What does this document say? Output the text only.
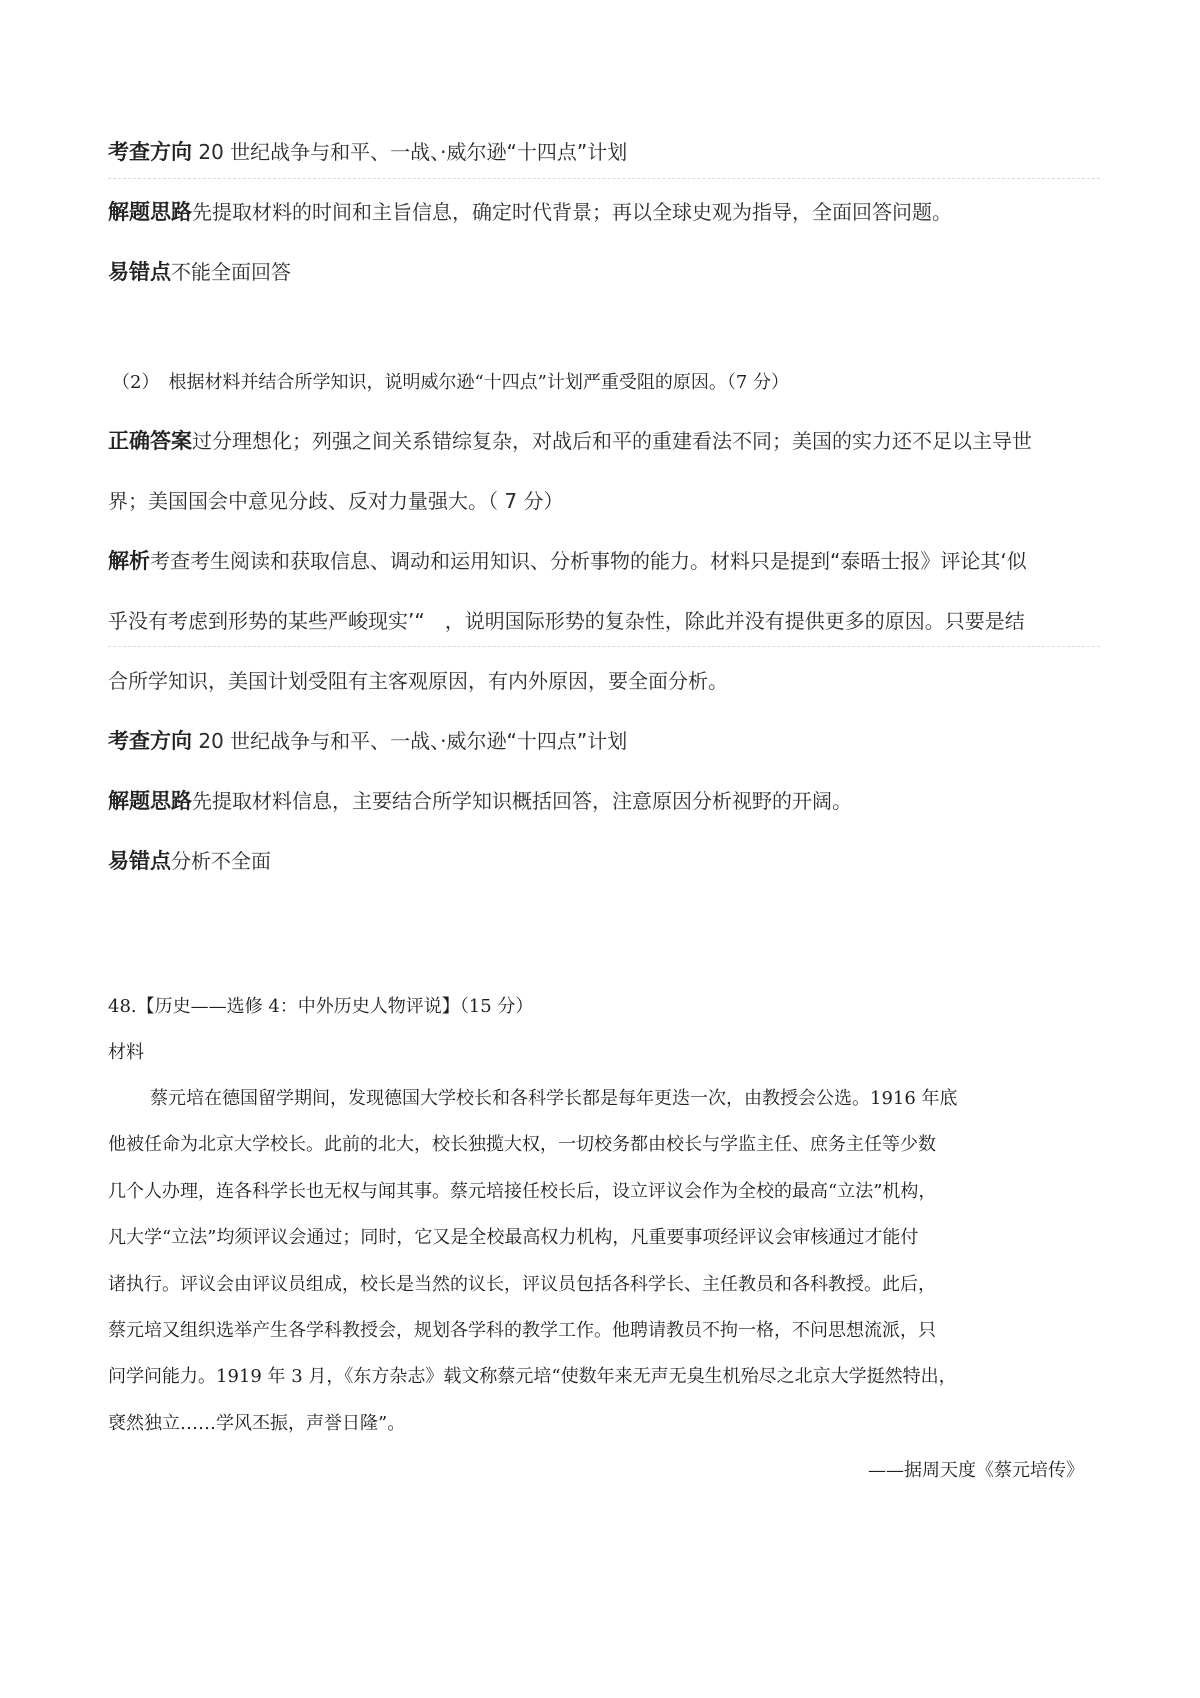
考查方向 20 世纪战争与和平、一战、·威尔逊“十四点”计划
解题思路先提取材料的时间和主旨信息，确定时代背景；再以全球史观为指导，全面回答问题。
易错点不能全面回答
（2）　根据材料并结合所学知识，说明威尔逊“十四点”计划严重受阻的原因。（7 分）
正确答案过分理想化；列强之间关系错综复杂，对战后和平的重建看法不同；美国的实力还不足以主导世
界；美国国会中意见分歧、反对力量强大。（ 7 分）
解析考查考生阅读和获取信息、调动和运用知识、分析事物的能力。材料只是提到“泰晤士报》评论其‘似
乎没有考虑到形势的某些严峻现实’“　，说明国际形势的复杂性，除此并没有提供更多的原因。只要是结
合所学知识，美国计划受阻有主客观原因，有内外原因，要全面分析。
考查方向 20 世纪战争与和平、一战、·威尔逊“十四点”计划
解题思路先提取材料信息，主要结合所学知识概括回答，注意原因分析视野的开阔。
易错点分析不全面
48.【历史——选修 4：中外历史人物评说】（15 分）
材料
蔡元培在德国留学期间，发现德国大学校长和各科学长都是每年更迭一次，由教授会公选。1916 年底
他被任命为北京大学校长。此前的北大，校长独揽大权，一切校务都由校长与学监主任、庶务主任等少数
几个人办理，连各科学长也无权与闻其事。蔡元培接任校长后，设立评议会作为全校的最高“立法”机构，
凡大学“立法”均须评议会通过；同时，它又是全校最高权力机构，凡重要事项经评议会审核通过才能付
诸执行。评议会由评议员组成，校长是当然的议长，评议员包括各科学长、主任教员和各科教授。此后，
蔡元培又组织选举产生各学科教授会，规划各学科的教学工作。他聘请教员不拘一格，不问思想流派，只
问学问能力。1919 年 3 月，《东方杂志》载文称蔡元培“使数年来无声无臭生机殆尽之北京大学挺然特出，
褎然独立……学风丕振，声誉日隆”。
——据周天度《蔡元培传》
